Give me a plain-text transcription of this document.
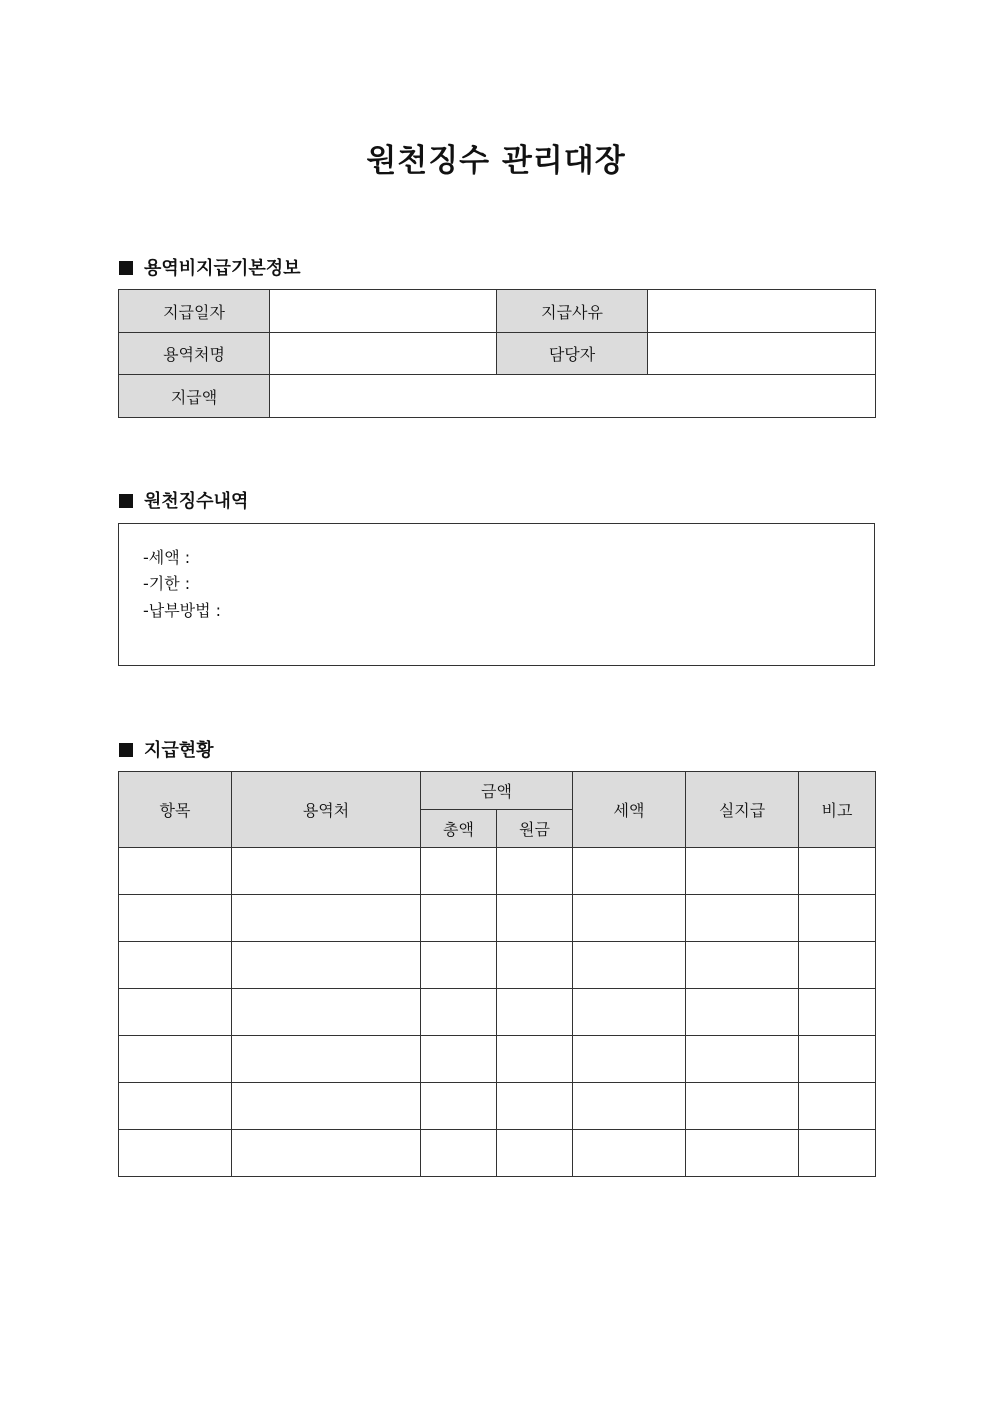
원천징수 관리대장
용역비지급기본정보
지급일자		지급사유	
용역처명		담당자	
지급액			
원천징수내역
-세액 :
-기한 :
-납부방법 :
지급현황
항목	용역처	금액		세액	실지급	비고
		총액	원금			
